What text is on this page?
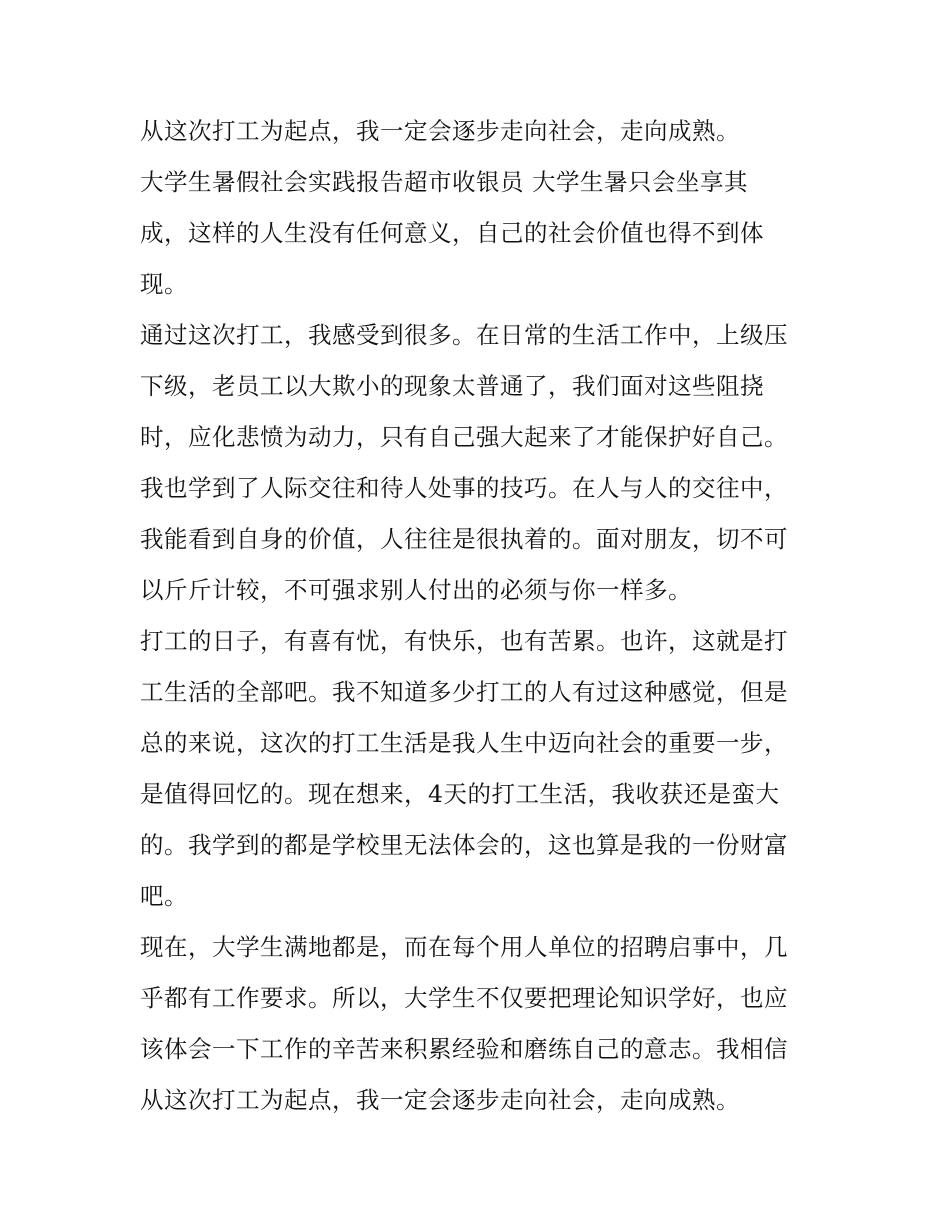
从这次打工为起点，我一定会逐步走向社会，走向成熟。

大学生暑假社会实践报告超市收银员 大学生暑只会坐享其
成，这样的人生没有任何意义，自己的社会价值也得不到体
现。

通过这次打工，我感受到很多。在日常的生活工作中，上级压
下级，老员工以大欺小的现象太普通了，我们面对这些阻挠
时，应化悲愤为动力，只有自己强大起来了才能保护好自己。
我也学到了人际交往和待人处事的技巧。在人与人的交往中，
我能看到自身的价值，人往往是很执着的。面对朋友，切不可
以斤斤计较，不可强求别人付出的必须与你一样多。

打工的日子，有喜有忧，有快乐，也有苦累。也许，这就是打
工生活的全部吧。我不知道多少打工的人有过这种感觉，但是
总的来说，这次的打工生活是我人生中迈向社会的重要一步，
是值得回忆的。现在想来，4天的打工生活，我收获还是蛮大
的。我学到的都是学校里无法体会的，这也算是我的一份财富
吧。

现在，大学生满地都是，而在每个用人单位的招聘启事中，几
乎都有工作要求。所以，大学生不仅要把理论知识学好，也应
该体会一下工作的辛苦来积累经验和磨练自己的意志。我相信
从这次打工为起点，我一定会逐步走向社会，走向成熟。
